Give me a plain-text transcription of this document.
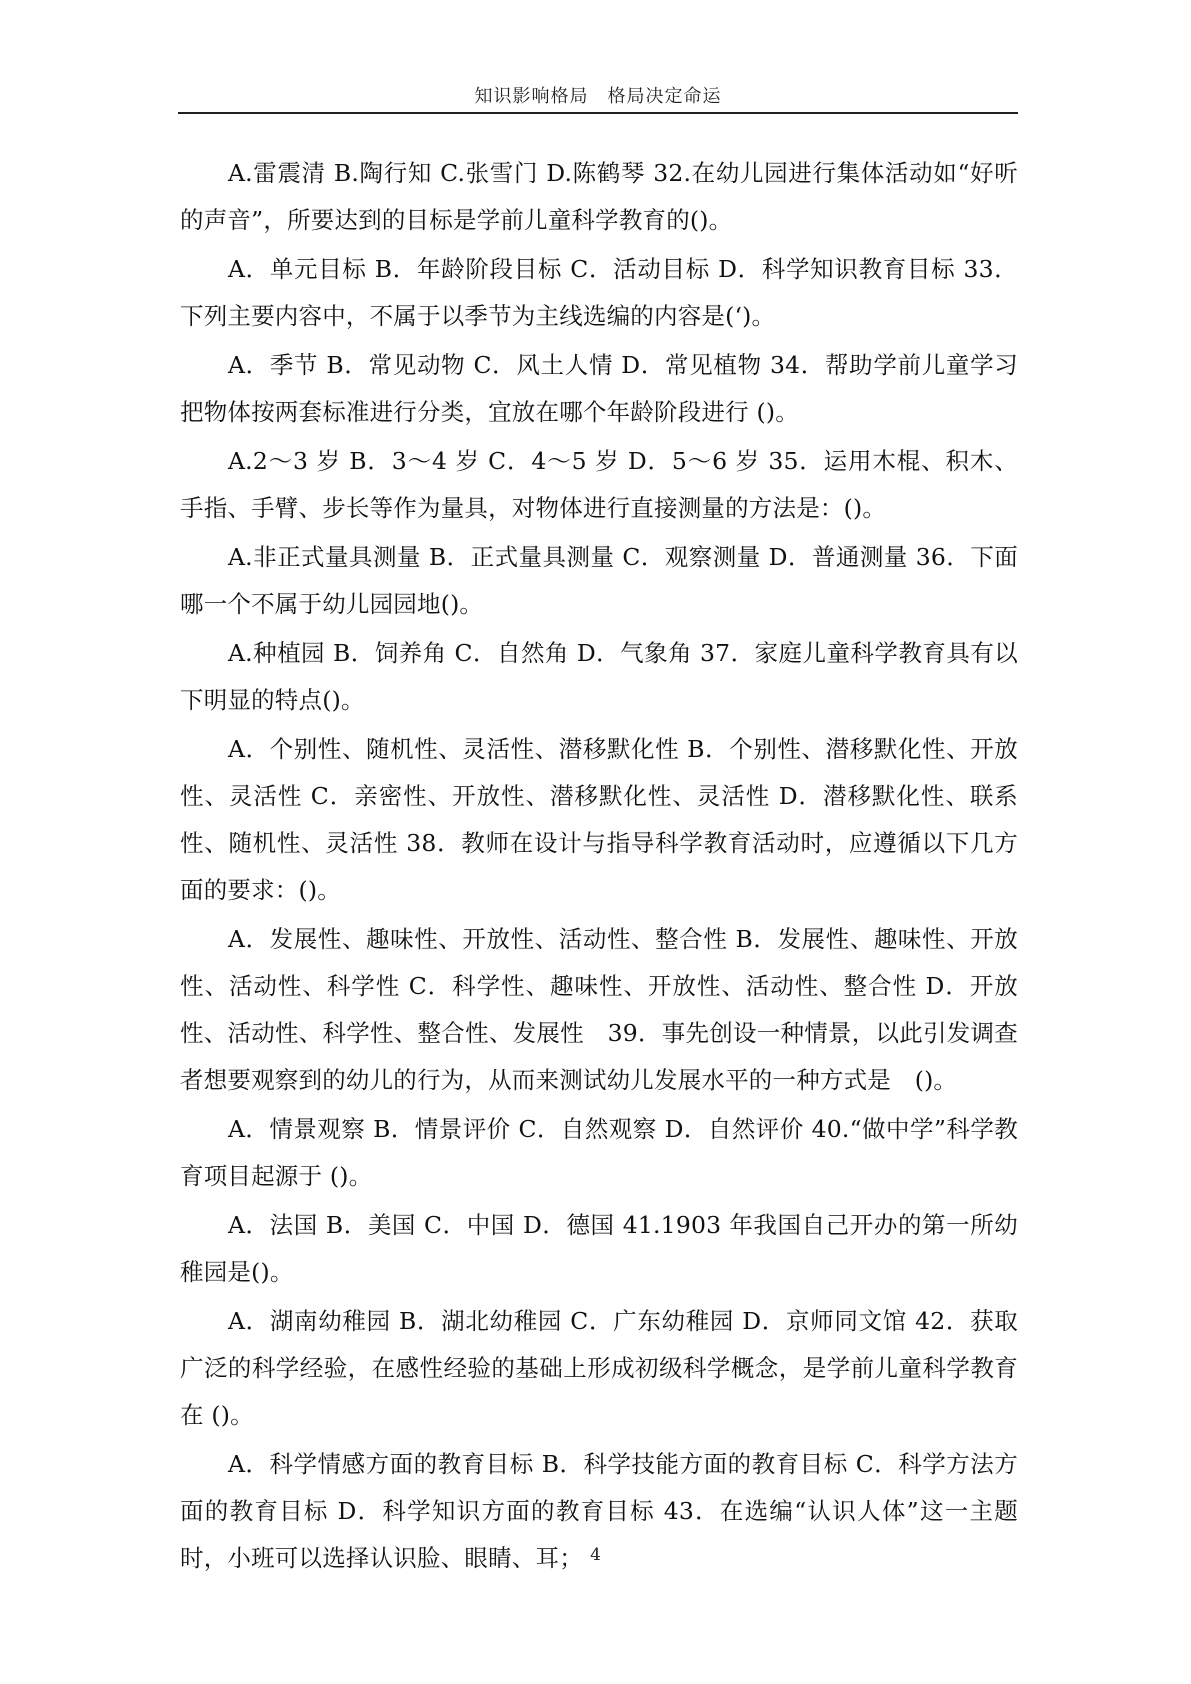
知识影响格局　格局决定命运

A.雷震清 B.陶行知 C.张雪门 D.陈鹤琴 32.在幼儿园进行集体活动如“好听的声音”，所要达到的目标是学前儿童科学教育的()。

A．单元目标 B．年龄阶段目标 C．活动目标 D．科学知识教育目标 33．下列主要内容中，不属于以季节为主线选编的内容是(‘)。

A．季节 B．常见动物 C．风土人情 D．常见植物 34．帮助学前儿童学习把物体按两套标准进行分类，宜放在哪个年龄阶段进行 ()。

A.2～3 岁 B．3～4 岁 C．4～5 岁 D．5～6 岁 35．运用木棍、积木、手指、手臂、步长等作为量具，对物体进行直接测量的方法是：()。

A.非正式量具测量 B．正式量具测量 C．观察测量 D．普通测量 36．下面哪一个不属于幼儿园园地()。

A.种植园 B．饲养角 C．自然角 D．气象角 37．家庭儿童科学教育具有以下明显的特点()。

A．个别性、随机性、灵活性、潜移默化性 B．个别性、潜移默化性、开放性、灵活性 C．亲密性、开放性、潜移默化性、灵活性 D．潜移默化性、联系性、随机性、灵活性 38．教师在设计与指导科学教育活动时，应遵循以下几方面的要求：()。

A．发展性、趣味性、开放性、活动性、整合性 B．发展性、趣味性、开放性、活动性、科学性 C．科学性、趣味性、开放性、活动性、整合性 D．开放性、活动性、科学性、整合性、发展性　39．事先创设一种情景，以此引发调查者想要观察到的幼儿的行为，从而来测试幼儿发展水平的一种方式是　()。

A．情景观察 B．情景评价 C．自然观察 D．自然评价 40.“做中学”科学教育项目起源于 ()。

A．法国 B．美国 C．中国 D．德国 41.1903 年我国自己开办的第一所幼稚园是()。

A．湖南幼稚园 B．湖北幼稚园 C．广东幼稚园 D．京师同文馆 42．获取广泛的科学经验，在感性经验的基础上形成初级科学概念，是学前儿童科学教育在 ()。

A．科学情感方面的教育目标 B．科学技能方面的教育目标 C．科学方法方面的教育目标 D．科学知识方面的教育目标 43．在选编“认识人体”这一主题时，小班可以选择认识脸、眼睛、耳； 4
